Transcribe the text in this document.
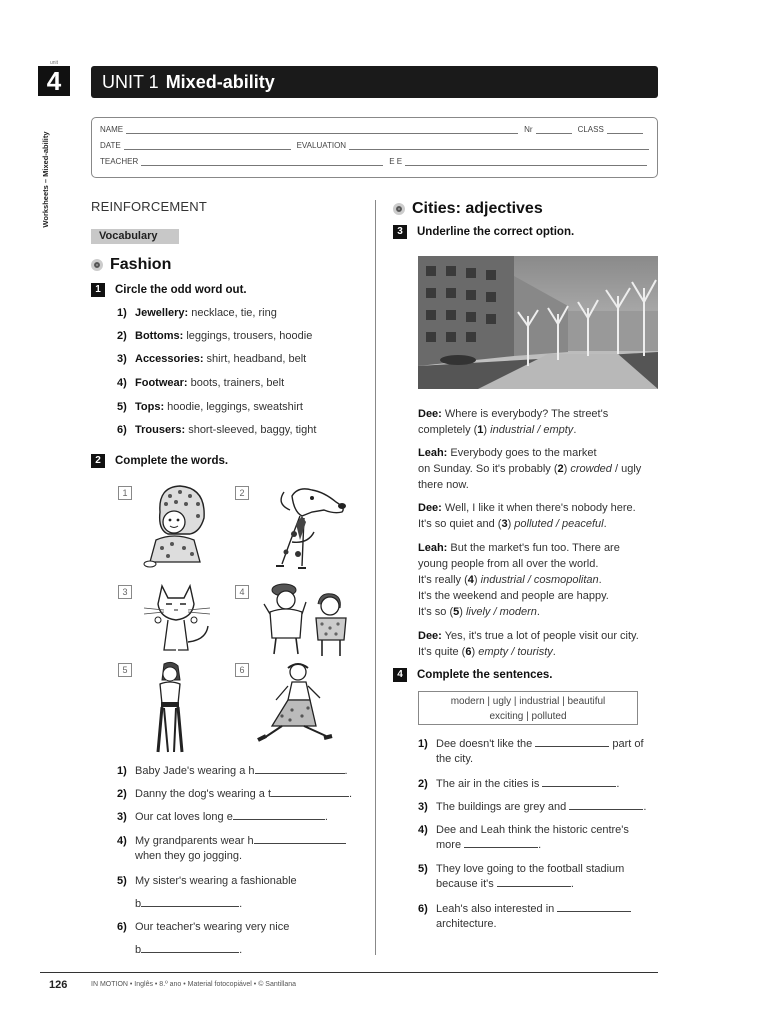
unit
4
Worksheets – Mixed-ability
UNIT 1 Mixed-ability
NAME	Nr	CLASS
DATE	EVALUATION
TEACHER	E E
REINFORCEMENT
Vocabulary
Fashion
1	Circle the odd word out.
1) Jewellery: necklace, tie, ring
2) Bottoms: leggings, trousers, hoodie
3) Accessories: shirt, headband, belt
4) Footwear: boots, trainers, belt
5) Tops: hoodie, leggings, sweatshirt
6) Trousers: short-sleeved, baggy, tight
2	Complete the words.
1	2
3	4
5	6
1) Baby Jade's wearing a h	.
2) Danny the dog's wearing a t	.
3) Our cat loves long e	.
4) My grandparents wear h
when they go jogging.
5) My sister's wearing a fashionable
b	.
6) Our teacher's wearing very nice
b	.
Cities: adjectives
3	Underline the correct option.
Dee: Where is everybody? The street's
completely (1) industrial / empty.
Leah: Everybody goes to the market
on Sunday. So it's probably (2) crowded / ugly
there now.
Dee: Well, I like it when there's nobody here.
It's so quiet and (3) polluted / peaceful.
Leah: But the market's fun too. There are
young people from all over the world.
It's really (4) industrial / cosmopolitan.
It's the weekend and people are happy.
It's so (5) lively / modern.
Dee: Yes, it's true a lot of people visit our city.
It's quite (6) empty / touristy.
4	Complete the sentences.
modern | ugly | industrial | beautiful
exciting | polluted
1) Dee doesn't like the	part of
the city.
2) The air in the cities is	.
3) The buildings are grey and	.
4) Dee and Leah think the historic centre's
more	.
5) They love going to the football stadium
because it's	.
6) Leah's also interested in
architecture.
126	IN MOTION • Inglês • 8.º ano • Material fotocopiável • © Santillana
